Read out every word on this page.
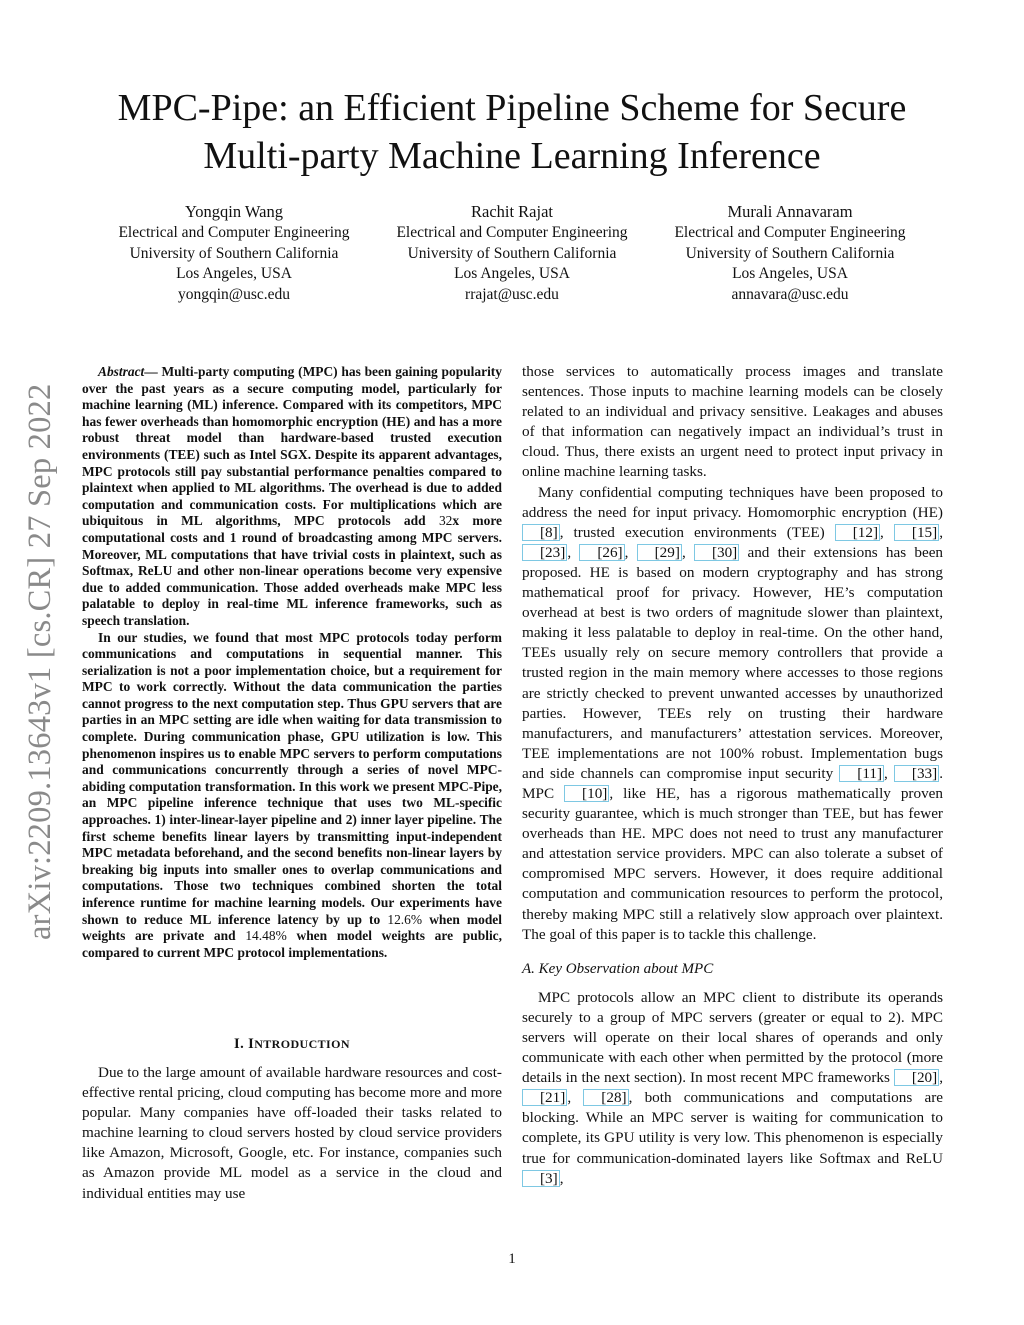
arXiv:2209.13643v1 [cs.CR] 27 Sep 2022
MPC-Pipe: an Efficient Pipeline Scheme for Secure
Multi-party Machine Learning Inference
Yongqin Wang
Electrical and Computer Engineering
University of Southern California
Los Angeles, USA
yongqin@usc.edu
Rachit Rajat
Electrical and Computer Engineering
University of Southern California
Los Angeles, USA
rrajat@usc.edu
Murali Annavaram
Electrical and Computer Engineering
University of Southern California
Los Angeles, USA
annavara@usc.edu

Abstract— Multi-party computing (MPC) has been gaining popularity over the past years as a secure computing model, particularly for machine learning (ML) inference. Compared with its competitors, MPC has fewer overheads than homomorphic encryption (HE) and has a more robust threat model than hardware-based trusted execution environments (TEE) such as Intel SGX. Despite its apparent advantages, MPC protocols still pay substantial performance penalties compared to plaintext when applied to ML algorithms. The overhead is due to added computation and communication costs. For multiplications which are ubiquitous in ML algorithms, MPC protocols add 32x more computational costs and 1 round of broadcasting among MPC servers. Moreover, ML computations that have trivial costs in plaintext, such as Softmax, ReLU and other non-linear operations become very expensive due to added communication. Those added overheads make MPC less palatable to deploy in real-time ML inference frameworks, such as speech translation.

In our studies, we found that most MPC protocols today perform communications and computations in sequential manner. This serialization is not a poor implementation choice, but a requirement for MPC to work correctly. Without the data communication the parties cannot progress to the next computation step. Thus GPU servers that are parties in an MPC setting are idle when waiting for data transmission to complete. During communication phase, GPU utilization is low. This phenomenon inspires us to enable MPC servers to perform computations and communications concurrently through a series of novel MPC-abiding computation transformation. In this work we present MPC-Pipe, an MPC pipeline inference technique that uses two ML-specific approaches. 1) inter-linear-layer pipeline and 2) inner layer pipeline. The first scheme benefits linear layers by transmitting input-independent MPC metadata beforehand, and the second benefits non-linear layers by breaking big inputs into smaller ones to overlap communications and computations. Those two techniques combined shorten the total inference runtime for machine learning models. Our experiments have shown to reduce ML inference latency by up to 12.6% when model weights are private and 14.48% when model weights are public, compared to current MPC protocol implementations.

I. INTRODUCTION

Due to the large amount of available hardware resources and cost-effective rental pricing, cloud computing has become more and more popular. Many companies have off-loaded their tasks related to machine learning to cloud servers hosted by cloud service providers like Amazon, Microsoft, Google, etc. For instance, companies such as Amazon provide ML model as a service in the cloud and individual entities may use

those services to automatically process images and translate sentences. Those inputs to machine learning models can be closely related to an individual and privacy sensitive. Leakages and abuses of that information can negatively impact an individual’s trust in cloud. Thus, there exists an urgent need to protect input privacy in online machine learning tasks.

Many confidential computing techniques have been proposed to address the need for input privacy. Homomorphic encryption (HE) [8] , trusted execution environments (TEE) [12] , [15] , [23] , [26] , [29] , [30] and their extensions has been proposed. HE is based on modern cryptography and has strong mathematical proof for privacy. However, HE’s computation overhead at best is two orders of magnitude slower than plaintext, making it less palatable to deploy in real-time. On the other hand, TEEs usually rely on secure memory controllers that provide a trusted region in the main memory where accesses to those regions are strictly checked to prevent unwanted accesses by unauthorized parties. However, TEEs rely on trusting their hardware manufacturers, and manufacturers’ attestation services. Moreover, TEE implementations are not 100% robust. Implementation bugs and side channels can compromise input security [11] , [33] . MPC [10] , like HE, has a rigorous mathematically proven security guarantee, which is much stronger than TEE, but has fewer overheads than HE. MPC does not need to trust any manufacturer and attestation service providers. MPC can also tolerate a subset of compromised MPC servers. However, it does require additional computation and communication resources to perform the protocol, thereby making MPC still a relatively slow approach over plaintext. The goal of this paper is to tackle this challenge.

A. Key Observation about MPC

MPC protocols allow an MPC client to distribute its operands securely to a group of MPC servers (greater or equal to 2). MPC servers will operate on their local shares of operands and only communicate with each other when permitted by the protocol (more details in the next section). In most recent MPC frameworks [20] , [21] , [28] , both communications and computations are blocking. While an MPC server is waiting for communication to complete, its GPU utility is very low. This phenomenon is especially true for communication-dominated layers like Softmax and ReLU [3] ,

1
